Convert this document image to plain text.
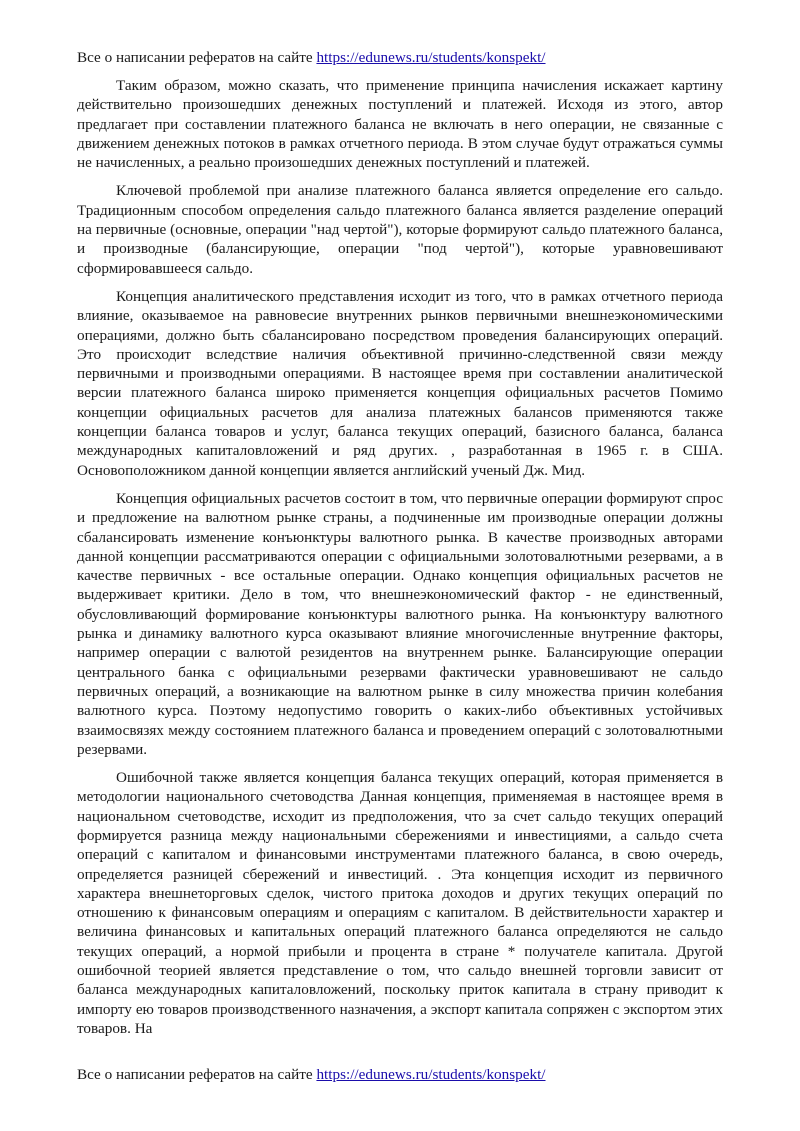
Все о написании рефератов на сайте https://edunews.ru/students/konspekt/

Таким образом, можно сказать, что применение принципа начисления искажает картину действительно произошедших денежных поступлений и платежей. Исходя из этого, автор предлагает при составлении платежного баланса не включать в него операции, не связанные с движением денежных потоков в рамках отчетного периода. В этом случае будут отражаться суммы не начисленных, а реально произошедших денежных поступлений и платежей.

Ключевой проблемой при анализе платежного баланса является определение его сальдо. Традиционным способом определения сальдо платежного баланса является разделение операций на первичные (основные, операции "над чертой"), которые формируют сальдо платежного баланса, и производные (балансирующие, операции "под чертой"), которые уравновешивают сформировавшееся сальдо.

Концепция аналитического представления исходит из того, что в рамках отчетного периода влияние, оказываемое на равновесие внутренних рынков первичными внешнеэкономическими операциями, должно быть сбалансировано посредством проведения балансирующих операций. Это происходит вследствие наличия объективной причинно-следственной связи между первичными и производными операциями. В настоящее время при составлении аналитической версии платежного баланса широко применяется концепция официальных расчетов Помимо концепции официальных расчетов для анализа платежных балансов применяются также концепции баланса товаров и услуг, баланса текущих операций, базисного баланса, баланса международных капиталовложений и ряд других. , разработанная в 1965 г. в США. Основоположником данной концепции является английский ученый Дж. Мид.

Концепция официальных расчетов состоит в том, что первичные операции формируют спрос и предложение на валютном рынке страны, а подчиненные им производные операции должны сбалансировать изменение конъюнктуры валютного рынка. В качестве производных авторами данной концепции рассматриваются операции с официальными золотовалютными резервами, а в качестве первичных - все остальные операции. Однако концепция официальных расчетов не выдерживает критики. Дело в том, что внешнеэкономический фактор - не единственный, обусловливающий формирование конъюнктуры валютного рынка. На конъюнктуру валютного рынка и динамику валютного курса оказывают влияние многочисленные внутренние факторы, например операции с валютой резидентов на внутреннем рынке. Балансирующие операции центрального банка с официальными резервами фактически уравновешивают не сальдо первичных операций, а возникающие на валютном рынке в силу множества причин колебания валютного курса. Поэтому недопустимо говорить о каких-либо объективных устойчивых взаимосвязях между состоянием платежного баланса и проведением операций с золотовалютными резервами.

Ошибочной также является концепция баланса текущих операций, которая применяется в методологии национального счетоводства Данная концепция, применяемая в настоящее время в национальном счетоводстве, исходит из предположения, что за счет сальдо текущих операций формируется разница между национальными сбережениями и инвестициями, а сальдо счета операций с капиталом и финансовыми инструментами платежного баланса, в свою очередь, определяется разницей сбережений и инвестиций. . Эта концепция исходит из первичного характера внешнеторговых сделок, чистого притока доходов и других текущих операций по отношению к финансовым операциям и операциям с капиталом. В действительности характер и величина финансовых и капитальных операций платежного баланса определяются не сальдо текущих операций, а нормой прибыли и процента в стране * получателе капитала. Другой ошибочной теорией является представление о том, что сальдо внешней торговли зависит от баланса международных капиталовложений, поскольку приток капитала в страну приводит к импорту ею товаров производственного назначения, а экспорт капитала сопряжен с экспортом этих товаров. На

Все о написании рефератов на сайте https://edunews.ru/students/konspekt/
